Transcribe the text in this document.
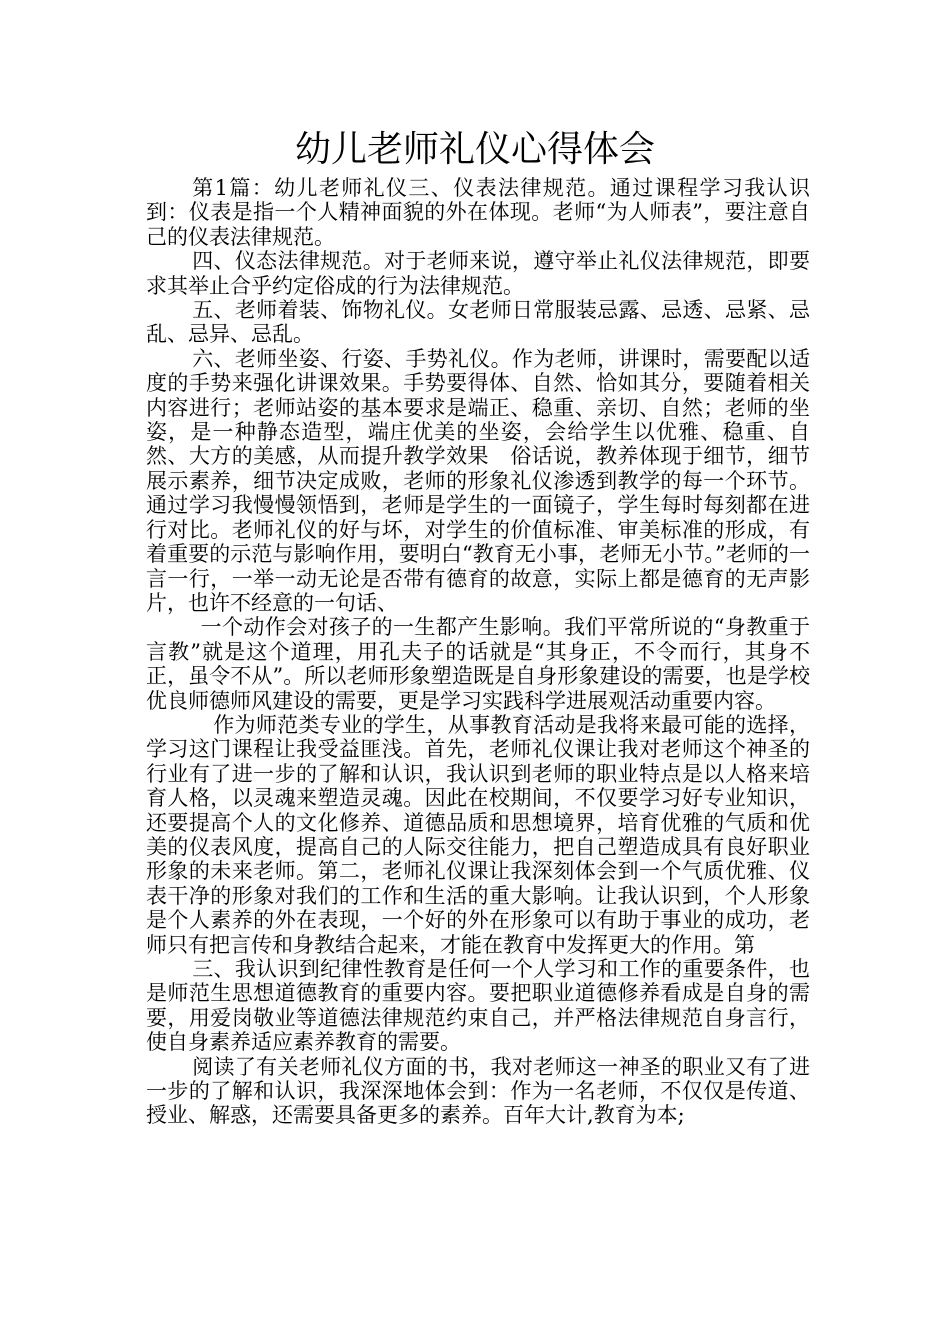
幼儿老师礼仪心得体会

第1篇：幼儿老师礼仪三、仪表法律规范。通过课程学习我认识到：仪表是指一个人精神面貌的外在体现。老师“为人师表”，要注意自己的仪表法律规范。

四、仪态法律规范。对于老师来说，遵守举止礼仪法律规范，即要求其举止合乎约定俗成的行为法律规范。

五、老师着装、饰物礼仪。女老师日常服装忌露、忌透、忌紧、忌乱、忌异、忌乱。

六、老师坐姿、行姿、手势礼仪。作为老师，讲课时，需要配以适度的手势来强化讲课效果。手势要得体、自然、恰如其分，要随着相关内容进行；老师站姿的基本要求是端正、稳重、亲切、自然；老师的坐姿，是一种静态造型，端庄优美的坐姿，会给学生以优雅、稳重、自然、大方的美感，从而提升教学效果　俗话说，教养体现于细节，细节展示素养，细节决定成败，老师的形象礼仪渗透到教学的每一个环节。通过学习我慢慢领悟到，老师是学生的一面镜子，学生每时每刻都在进行对比。老师礼仪的好与坏，对学生的价值标准、审美标准的形成，有着重要的示范与影响作用，要明白“教育无小事，老师无小节。”老师的一言一行，一举一动无论是否带有德育的故意，实际上都是德育的无声影片，也许不经意的一句话、

一个动作会对孩子的一生都产生影响。我们平常所说的“身教重于言教”就是这个道理，用孔夫子的话就是“其身正，不令而行，其身不正，虽令不从”。所以老师形象塑造既是自身形象建设的需要，也是学校优良师德师风建设的需要，更是学习实践科学进展观活动重要内容。

作为师范类专业的学生，从事教育活动是我将来最可能的选择，学习这门课程让我受益匪浅。首先，老师礼仪课让我对老师这个神圣的行业有了进一步的了解和认识，我认识到老师的职业特点是以人格来培育人格，以灵魂来塑造灵魂。因此在校期间，不仅要学习好专业知识，还要提高个人的文化修养、道德品质和思想境界，培育优雅的气质和优美的仪表风度，提高自己的人际交往能力，把自己塑造成具有良好职业形象的未来老师。第二，老师礼仪课让我深刻体会到一个气质优雅、仪表干净的形象对我们的工作和生活的重大影响。让我认识到，个人形象是个人素养的外在表现，一个好的外在形象可以有助于事业的成功，老师只有把言传和身教结合起来，才能在教育中发挥更大的作用。第

三、我认识到纪律性教育是任何一个人学习和工作的重要条件，也是师范生思想道德教育的重要内容。要把职业道德修养看成是自身的需要，用爱岗敬业等道德法律规范约束自己，并严格法律规范自身言行，使自身素养适应素养教育的需要。

阅读了有关老师礼仪方面的书，我对老师这一神圣的职业又有了进一步的了解和认识，我深深地体会到：作为一名老师，不仅仅是传道、授业、解惑，还需要具备更多的素养。百年大计,教育为本;
